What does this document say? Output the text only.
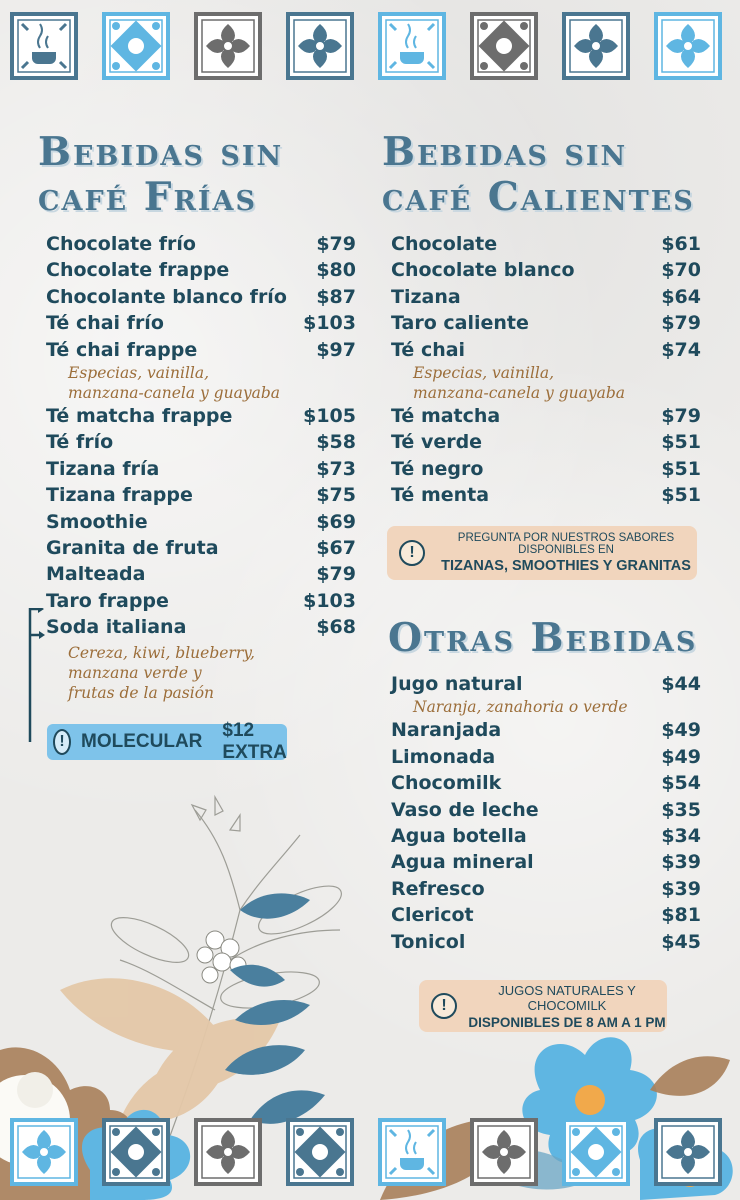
Bebidas sin
café Frías
Chocolate frío	$79
Chocolate frappe	$80
Chocolante blanco frío $87
Té chai frío	$103
Té chai frappe	$97
Especias, vainilla,
manzana-canela y guayaba
Té matcha frappe	$105
Té frío	$58
Tizana fría	$73
Tizana frappe	$75
Smoothie	$69
Granita de fruta	$67
Malteada	$79
Taro frappe	$103
Soda italiana	$68
Cereza, kiwi, blueberry,
manzana verde y
frutas de la pasión
! MOLECULAR
$12 EXTRA
Bebidas sin
café Calientes
Chocolate	$61
Chocolate blanco	$70
Tizana	$64
Taro caliente	$79
Té chai	$74
Especias, vainilla,
manzana-canela y guayaba
Té matcha	$79
Té verde	$51
Té negro	$51
Té menta	$51
!
PREGUNTA POR NUESTROS SABORES DISPONIBLES EN
TIZANAS, SMOOTHIES Y GRANITAS
Otras Bebidas
Jugo natural	$44
Naranja, zanahoria o verde
Naranjada	$49
Limonada	$49
Chocomilk	$54
Vaso de leche	$35
Agua botella	$34
Agua mineral	$39
Refresco	$39
Clericot	$81
Tonicol	$45
!
JUGOS NATURALES Y CHOCOMILK
DISPONIBLES DE 8 AM A 1 PM
